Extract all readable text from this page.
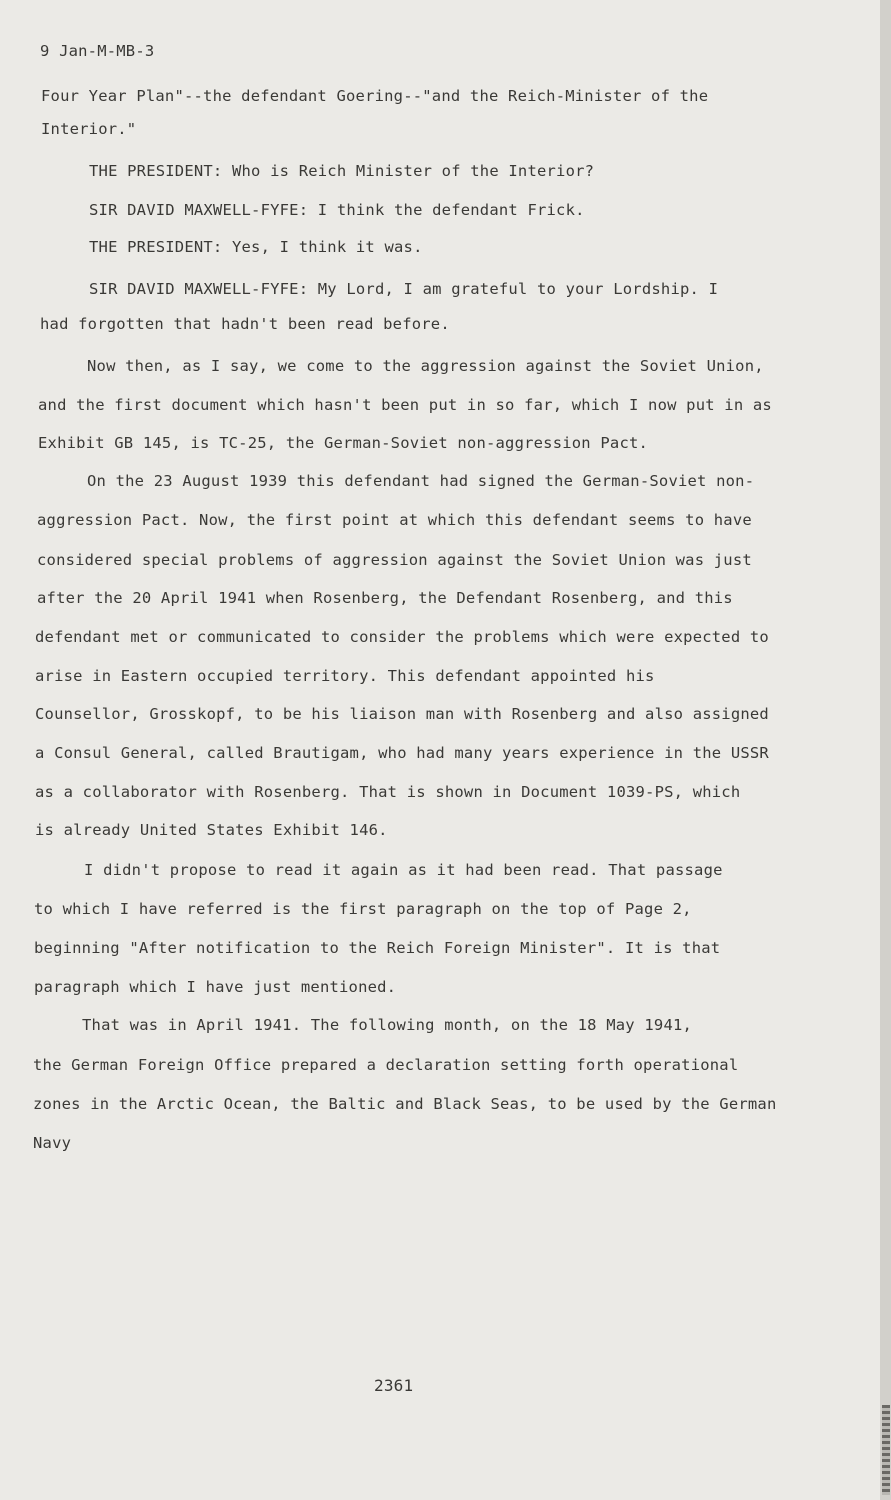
9 Jan-M-MB-3
Four Year Plan"--the defendant Goering--"and the Reich-Minister of the
Interior."
THE PRESIDENT: Who is Reich Minister of the Interior?
SIR DAVID MAXWELL-FYFE: I think the defendant Frick.
THE PRESIDENT: Yes, I think it was.
SIR DAVID MAXWELL-FYFE: My Lord, I am grateful to your Lordship. I
had forgotten that hadn't been read before.
Now then, as I say, we come to the aggression against the Soviet Union,
and the first document which hasn't been put in so far, which I now put in as
Exhibit GB 145, is TC-25, the German-Soviet non-aggression Pact.
On the 23 August 1939 this defendant had signed the German-Soviet non-
aggression Pact. Now, the first point at which this defendant seems to have
considered special problems of aggression against the Soviet Union was just
after the 20 April 1941 when Rosenberg, the Defendant Rosenberg, and this
defendant met or communicated to consider the problems which were expected to
arise in Eastern occupied territory. This defendant appointed his
Counsellor, Grosskopf, to be his liaison man with Rosenberg and also assigned
a Consul General, called Brautigam, who had many years experience in the USSR
as a collaborator with Rosenberg. That is shown in Document 1039-PS, which
is already United States Exhibit 146.
I didn't propose to read it again as it had been read. That passage
to which I have referred is the first paragraph on the top of Page 2,
beginning "After notification to the Reich Foreign Minister". It is that
paragraph which I have just mentioned.
That was in April 1941. The following month, on the 18 May 1941,
the German Foreign Office prepared a declaration setting forth operational
zones in the Arctic Ocean, the Baltic and Black Seas, to be used by the German
Navy
2361
